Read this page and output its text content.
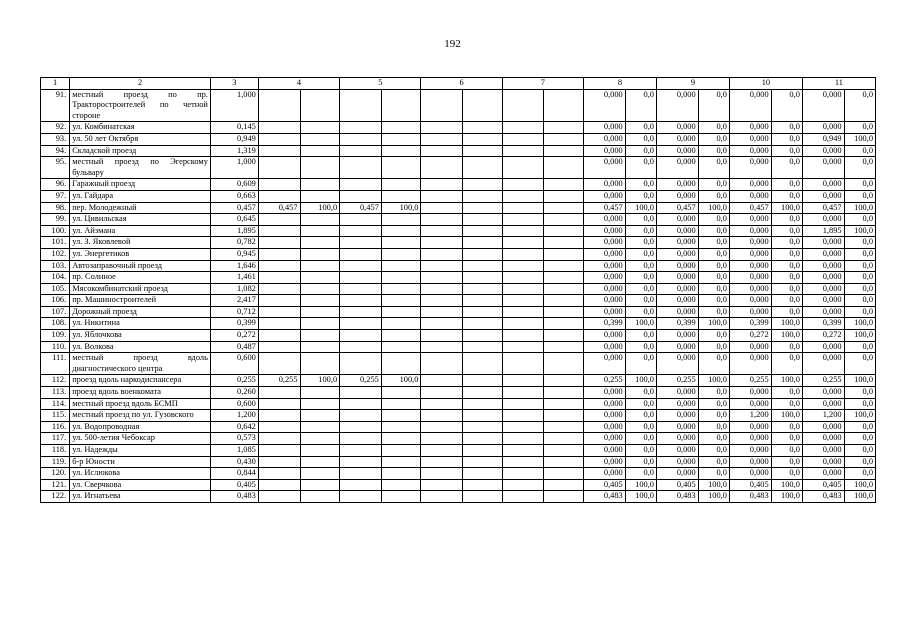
192
1	2	3	4		5		6		7		8		9		10		11	
91.	местный проезд по пр. Тракторостроителей по четной стороне	1,000									0,000	0,0	0,000	0,0	0,000	0,0	0,000	0,0
92.	ул. Комбинатская	0,145									0,000	0,0	0,000	0,0	0,000	0,0	0,000	0,0
93.	ул. 50 лет Октября	0,949									0,000	0,0	0,000	0,0	0,000	0,0	0,949	100,0
94.	Складской проезд	1,319									0,000	0,0	0,000	0,0	0,000	0,0	0,000	0,0
95.	местный проезд по Эгерскому бульвару	1,000									0,000	0,0	0,000	0,0	0,000	0,0	0,000	0,0
96.	Гаражный проезд	0,609									0,000	0,0	0,000	0,0	0,000	0,0	0,000	0,0
97.	ул. Гайдара	0,663									0,000	0,0	0,000	0,0	0,000	0,0	0,000	0,0
98.	пер. Молодежный	0,457	0,457	100,0	0,457	100,0					0,457	100,0	0,457	100,0	0,457	100,0	0,457	100,0
99.	ул. Цивильская	0,645									0,000	0,0	0,000	0,0	0,000	0,0	0,000	0,0
100.	ул. Айзмана	1,895									0,000	0,0	0,000	0,0	0,000	0,0	1,895	100,0
101.	ул. З. Яковлевой	0,782									0,000	0,0	0,000	0,0	0,000	0,0	0,000	0,0
102.	ул. Энергетиков	0,945									0,000	0,0	0,000	0,0	0,000	0,0	0,000	0,0
103.	Автозаправочный проезд	1,646									0,000	0,0	0,000	0,0	0,000	0,0	0,000	0,0
104.	пр. Солнное	1,461									0,000	0,0	0,000	0,0	0,000	0,0	0,000	0,0
105.	Мясокомбинатский проезд	1,082									0,000	0,0	0,000	0,0	0,000	0,0	0,000	0,0
106.	пр. Машиностроителей	2,417									0,000	0,0	0,000	0,0	0,000	0,0	0,000	0,0
107.	Дорожный проезд	0,712									0,000	0,0	0,000	0,0	0,000	0,0	0,000	0,0
108.	ул. Никитина	0,399									0,399	100,0	0,399	100,0	0,399	100,0	0,399	100,0
109.	ул. Яблочкова	0,272									0,000	0,0	0,000	0,0	0,272	100,0	0,272	100,0
110.	ул. Волкова	0,487									0,000	0,0	0,000	0,0	0,000	0,0	0,000	0,0
111.	местный проезд вдоль диагностического центра	0,600									0,000	0,0	0,000	0,0	0,000	0,0	0,000	0,0
112.	проезд вдоль наркодиспансера	0,255	0,255	100,0	0,255	100,0					0,255	100,0	0,255	100,0	0,255	100,0	0,255	100,0
113.	проезд вдоль военкомата	0,260									0,000	0,0	0,000	0,0	0,000	0,0	0,000	0,0
114.	местный проезд вдоль БСМП	0,600									0,000	0,0	0,000	0,0	0,000	0,0	0,000	0,0
115.	местный проезд по ул. Гузовского	1,200									0,000	0,0	0,000	0,0	1,200	100,0	1,200	100,0
116.	ул. Водопроводная	0,642									0,000	0,0	0,000	0,0	0,000	0,0	0,000	0,0
117.	ул. 500-летия Чебоксар	0,573									0,000	0,0	0,000	0,0	0,000	0,0	0,000	0,0
118.	ул. Надежды	1,085									0,000	0,0	0,000	0,0	0,000	0,0	0,000	0,0
119.	б-р Юности	0,430									0,000	0,0	0,000	0,0	0,000	0,0	0,000	0,0
120.	ул. Ислюкова	0,844									0,000	0,0	0,000	0,0	0,000	0,0	0,000	0,0
121.	ул. Сверчкова	0,405									0,405	100,0	0,405	100,0	0,405	100,0	0,405	100,0
122.	ул. Игнатьева	0,483									0,483	100,0	0,483	100,0	0,483	100,0	0,483	100,0
